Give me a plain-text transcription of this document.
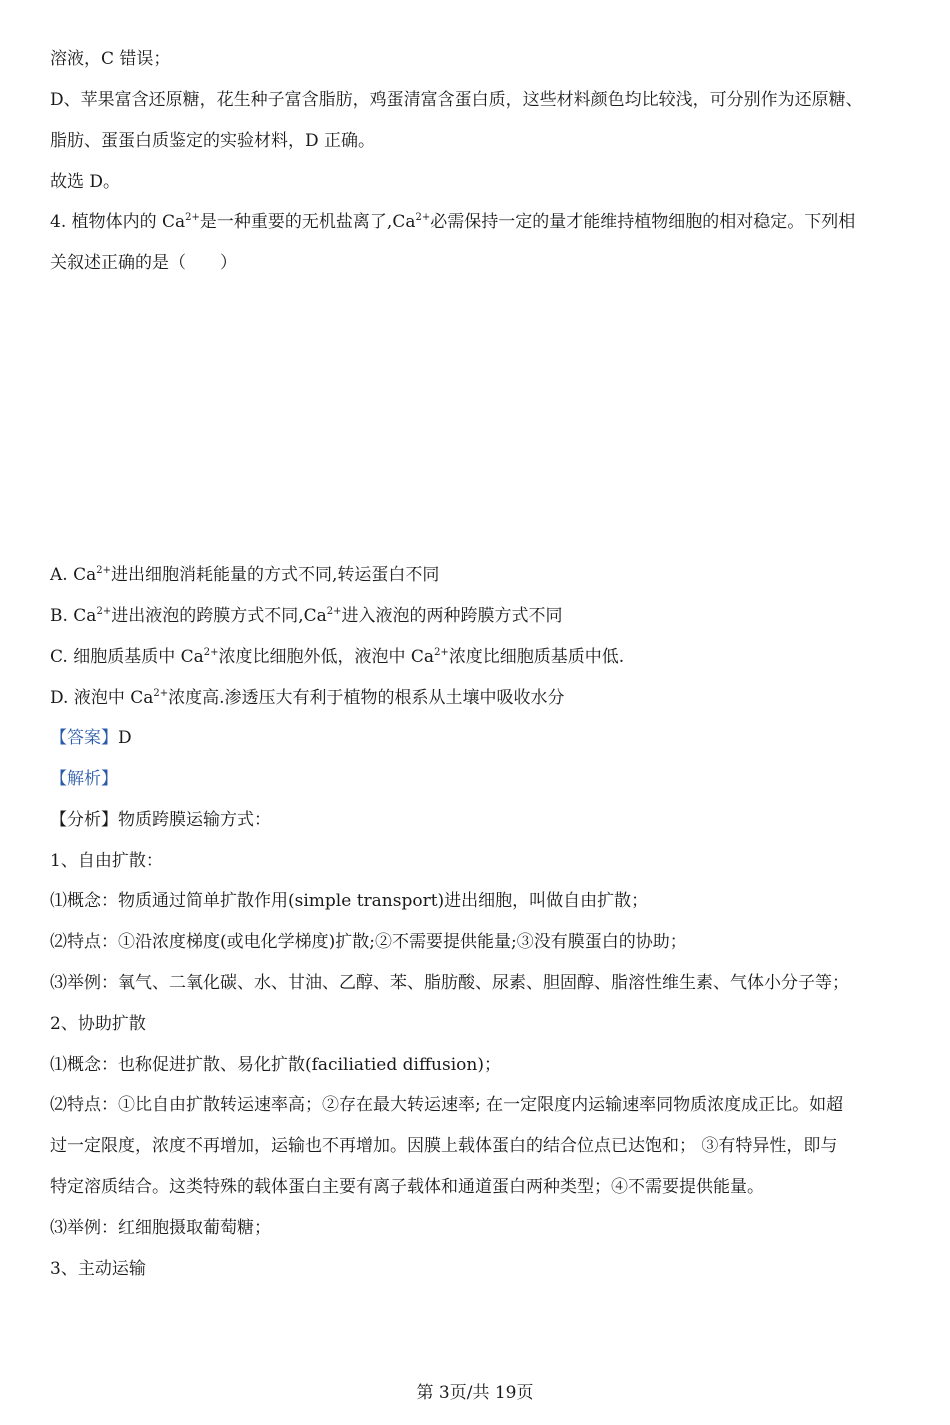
溶液，C 错误；
D、苹果富含还原糖，花生种子富含脂肪，鸡蛋清富含蛋白质，这些材料颜色均比较浅，可分别作为还原糖、
脂肪、蛋蛋白质鉴定的实验材料，D 正确。
故选 D。
4. 植物体内的 $Ca^{2+}$是一种重要的无机盐离了$,Ca^{2+}$必需保持一定的量才能维持植物细胞的相对稳定。下列相
关叙述正确的是（　　）
A. $Ca^{2+}$进出细胞消耗能量的方式不同,转运蛋白不同
B. $Ca^{2+}$进出液泡的跨膜方式不同$,Ca^{2+}$进入液泡的两种跨膜方式不同
C. 细胞质基质中 $Ca^{2+}$浓度比细胞外低，液泡中 $Ca^{2+}$浓度比细胞质基质中低.
D. 液泡中 $Ca^{2+}$浓度高.渗透压大有利于植物的根系从土壤中吸收水分
【答案】D
【解析】
【分析】物质跨膜运输方式：
1、自由扩散：
⑴概念：物质通过简单扩散作用(simple transport)进出细胞，叫做自由扩散；
⑵特点：①沿浓度梯度(或电化学梯度)扩散;②不需要提供能量;③没有膜蛋白的协助；
⑶举例：氧气、二氧化碳、水、甘油、乙醇、苯、脂肪酸、尿素、胆固醇、脂溶性维生素、气体小分子等；
2、协助扩散
⑴概念：也称促进扩散、易化扩散(faciliatied diffusion)；
⑵特点：①比自由扩散转运速率高；②存在最大转运速率; 在一定限度内运输速率同物质浓度成正比。如超
过一定限度，浓度不再增加，运输也不再增加。因膜上载体蛋白的结合位点已达饱和； ③有特异性，即与
特定溶质结合。这类特殊的载体蛋白主要有离子载体和通道蛋白两种类型；④不需要提供能量。
⑶举例：红细胞摄取葡萄糖；
3、主动运输
第 3页/共 19页
